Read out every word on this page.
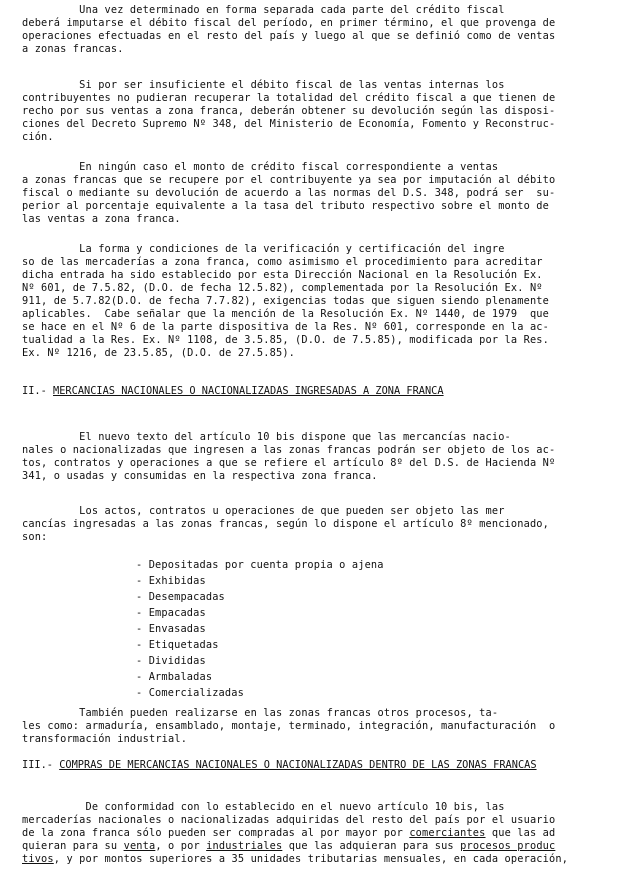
Una vez determinado en forma separada cada parte del crédito fiscal
deberá imputarse el débito fiscal del período, en primer término, el que provenga de
operaciones efectuadas en el resto del país y luego al que se definió como de ventas
a zonas francas.
Si por ser insuficiente el débito fiscal de las ventas internas los
contribuyentes no pudieran recuperar la totalidad del crédito fiscal a que tienen de
recho por sus ventas a zona franca, deberán obtener su devolución según las disposi-
ciones del Decreto Supremo Nº 348, del Ministerio de Economía, Fomento y Reconstruc-
ción.
En ningún caso el monto de crédito fiscal correspondiente a ventas
a zonas francas que se recupere por el contribuyente ya sea por imputación al débito
fiscal o mediante su devolución de acuerdo a las normas del D.S. 348, podrá ser  su-
perior al porcentaje equivalente a la tasa del tributo respectivo sobre el monto de
las ventas a zona franca.
La forma y condiciones de la verificación y certificación del ingre
so de las mercaderías a zona franca, como asimismo el procedimiento para acreditar
dicha entrada ha sido establecido por esta Dirección Nacional en la Resolución Ex.
Nº 601, de 7.5.82, (D.O. de fecha 12.5.82), complementada por la Resolución Ex. Nº
911, de 5.7.82(D.O. de fecha 7.7.82), exigencias todas que siguen siendo plenamente
aplicables.  Cabe señalar que la mención de la Resolución Ex. Nº 1440, de 1979  que
se hace en el Nº 6 de la parte dispositiva de la Res. Nº 601, corresponde en la ac-
tualidad a la Res. Ex. Nº 1108, de 3.5.85, (D.O. de 7.5.85), modificada por la Res.
Ex. Nº 1216, de 23.5.85, (D.O. de 27.5.85).
II.- MERCANCIAS NACIONALES O NACIONALIZADAS INGRESADAS A ZONA FRANCA
El nuevo texto del artículo 10 bis dispone que las mercancías nacio-
nales o nacionalizadas que ingresen a las zonas francas podrán ser objeto de los ac-
tos, contratos y operaciones a que se refiere el artículo 8º del D.S. de Hacienda Nº
341, o usadas y consumidas en la respectiva zona franca.
Los actos, contratos u operaciones de que pueden ser objeto las mer
cancías ingresadas a las zonas francas, según lo dispone el artículo 8º mencionado,
son:
- Depositadas por cuenta propia o ajena
- Exhibidas
- Desempacadas
- Empacadas
- Envasadas
- Etiquetadas
- Divididas
- Armbaladas
- Comercializadas
También pueden realizarse en las zonas francas otros procesos, ta-
les como: armaduría, ensamblado, montaje, terminado, integración, manufacturación  o
transformación industrial.
III.- COMPRAS DE MERCANCIAS NACIONALES O NACIONALIZADAS DENTRO DE LAS ZONAS FRANCAS
De conformidad con lo establecido en el nuevo artículo 10 bis, las
mercaderías nacionales o nacionalizadas adquiridas del resto del país por el usuario
de la zona franca sólo pueden ser compradas al por mayor por comerciantes que las ad
quieran para su venta, o por industriales que las adquieran para sus procesos produc
tivos, y por montos superiores a 35 unidades tributarias mensuales, en cada operación,
